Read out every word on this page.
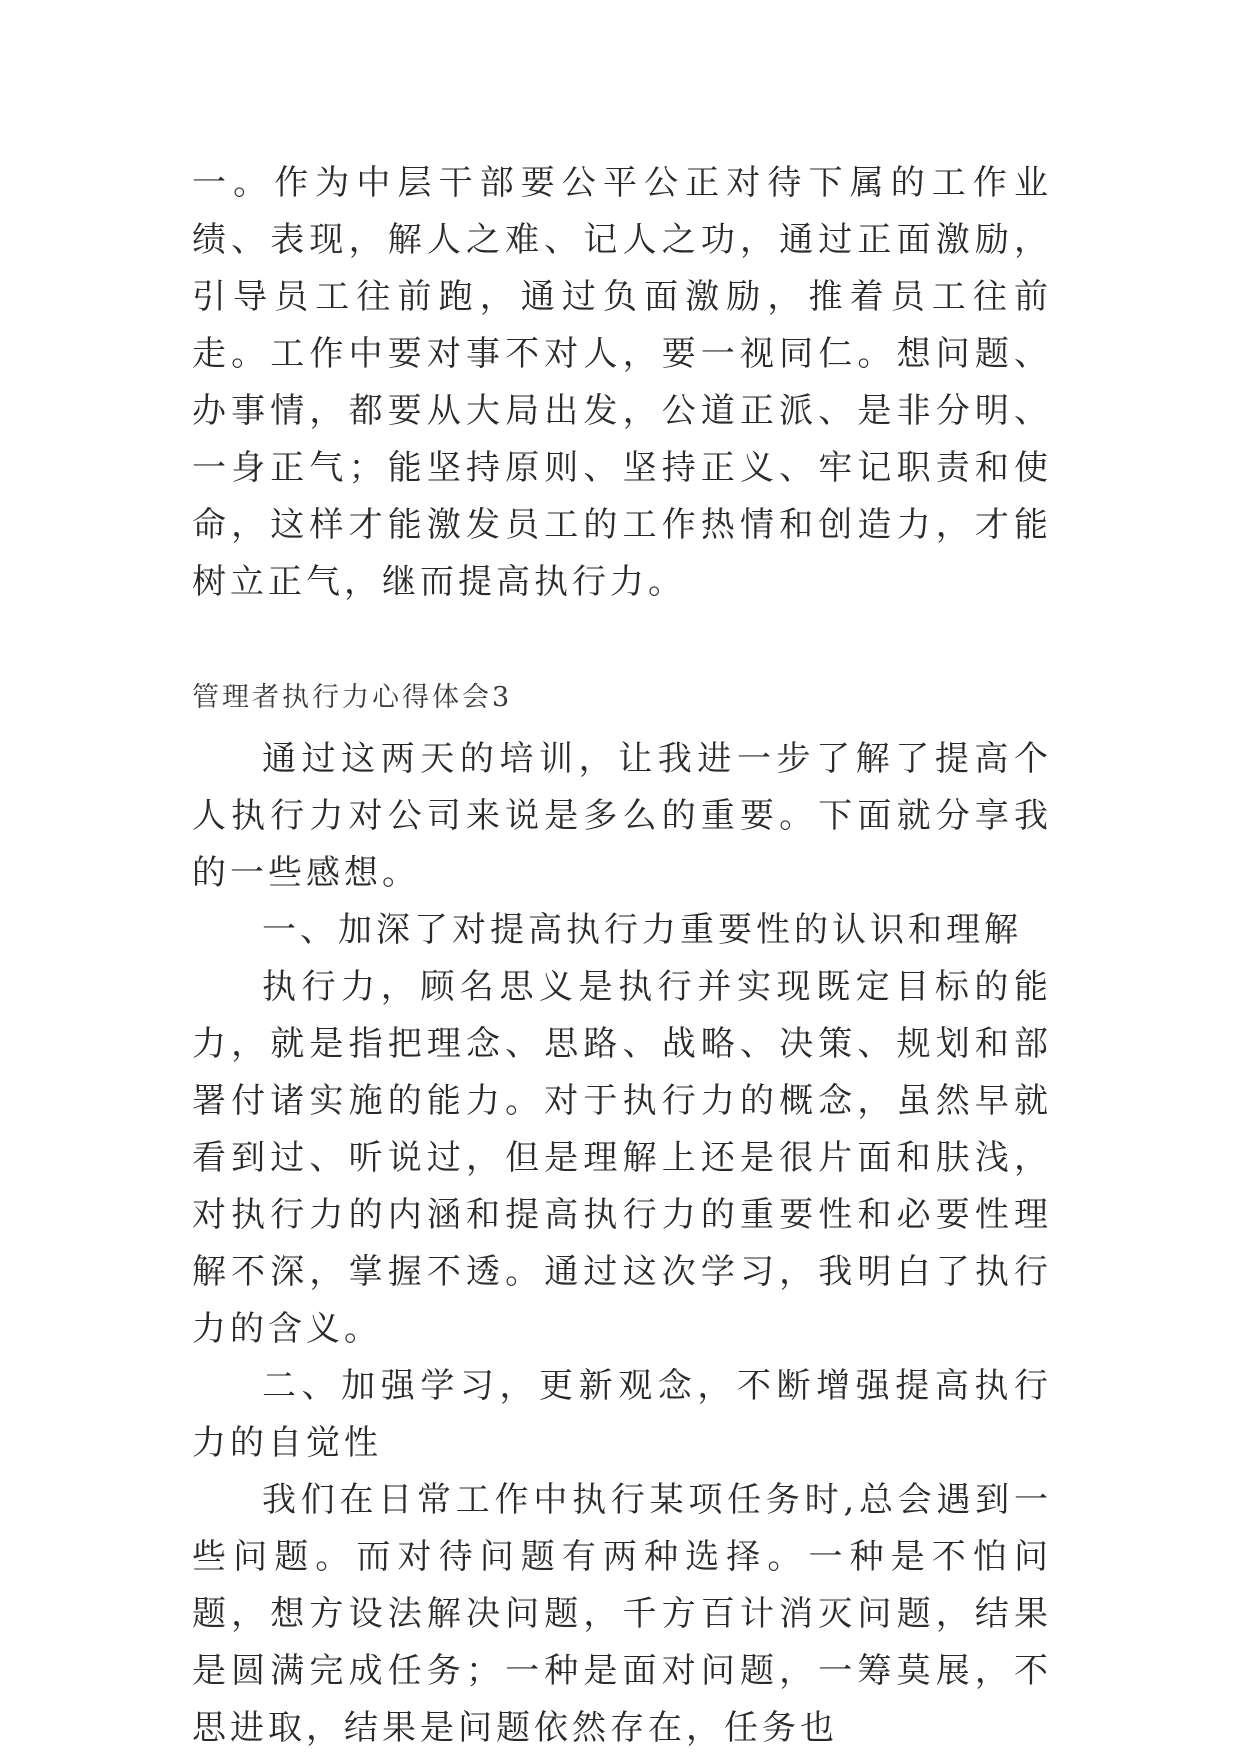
一。作为中层干部要公平公正对待下属的工作业绩、表现，解人之难、记人之功，通过正面激励，引导员工往前跑，通过负面激励，推着员工往前走。工作中要对事不对人，要一视同仁。想问题、办事情，都要从大局出发，公道正派、是非分明、一身正气；能坚持原则、坚持正义、牢记职责和使命，这样才能激发员工的工作热情和创造力，才能树立正气，继而提高执行力。

管理者执行力心得体会3

通过这两天的培训，让我进一步了解了提高个人执行力对公司来说是多么的重要。下面就分享我的一些感想。

一、加深了对提高执行力重要性的认识和理解

执行力，顾名思义是执行并实现既定目标的能力，就是指把理念、思路、战略、决策、规划和部署付诸实施的能力。对于执行力的概念，虽然早就看到过、听说过，但是理解上还是很片面和肤浅，对执行力的内涵和提高执行力的重要性和必要性理解不深，掌握不透。通过这次学习，我明白了执行力的含义。

二、加强学习，更新观念，不断增强提高执行力的自觉性

我们在日常工作中执行某项任务时,总会遇到一些问题。而对待问题有两种选择。一种是不怕问题，想方设法解决问题，千方百计消灭问题，结果是圆满完成任务；一种是面对问题，一筹莫展，不思进取，结果是问题依然存在，任务也
